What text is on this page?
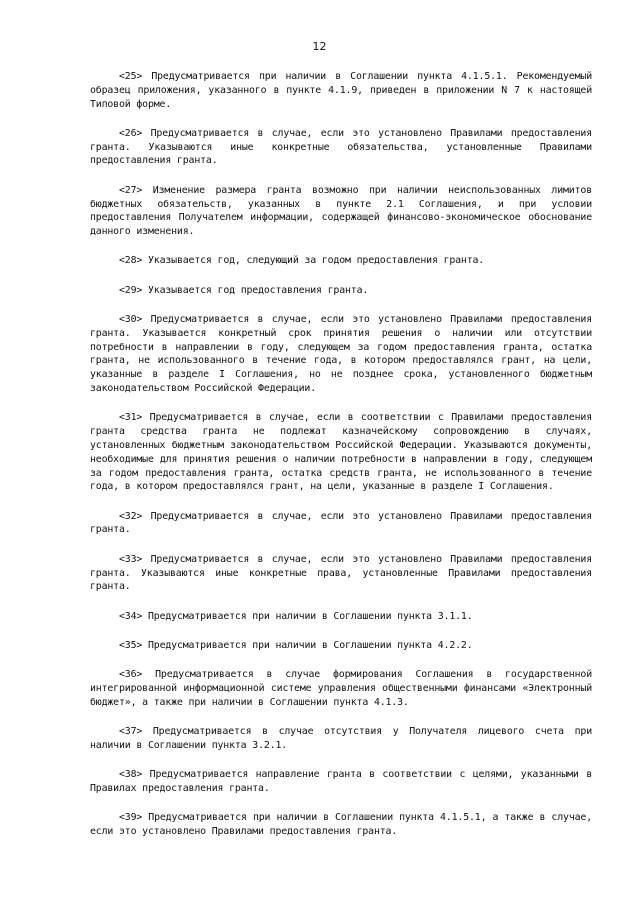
12

<25> Предусматривается при наличии в Соглашении пункта 4.1.5.1. Рекомендуемый образец приложения, указанного в пункте 4.1.9, приведен в приложении N 7 к настоящей Типовой форме.

<26> Предусматривается в случае, если это установлено Правилами предоставления гранта. Указываются иные конкретные обязательства, установленные Правилами предоставления гранта.

<27> Изменение размера гранта возможно при наличии неиспользованных лимитов бюджетных обязательств, указанных в пункте 2.1 Соглашения, и при условии предоставления Получателем информации, содержащей финансово-экономическое обоснование данного изменения.

<28> Указывается год, следующий за годом предоставления гранта.

<29> Указывается год предоставления гранта.

<30> Предусматривается в случае, если это установлено Правилами предоставления гранта. Указывается конкретный срок принятия решения о наличии или отсутствии потребности в направлении в году, следующем за годом предоставления гранта, остатка гранта, не использованного в течение года, в котором предоставлялся грант, на цели, указанные в разделе I Соглашения, но не позднее срока, установленного бюджетным законодательством Российской Федерации.

<31> Предусматривается в случае, если в соответствии с Правилами предоставления гранта средства гранта не подлежат казначейскому сопровождению в случаях, установленных бюджетным законодательством Российской Федерации. Указываются документы, необходимые для принятия решения о наличии потребности в направлении в году, следующем за годом предоставления гранта, остатка средств гранта, не использованного в течение года, в котором предоставлялся грант, на цели, указанные в разделе I Соглашения.

<32> Предусматривается в случае, если это установлено Правилами предоставления гранта.

<33> Предусматривается в случае, если это установлено Правилами предоставления гранта. Указываются иные конкретные права, установленные Правилами предоставления гранта.

<34> Предусматривается при наличии в Соглашении пункта 3.1.1.

<35> Предусматривается при наличии в Соглашении пункта 4.2.2.

<36> Предусматривается в случае формирования Соглашения в государственной интегрированной информационной системе управления общественными финансами «Электронный бюджет», а также при наличии в Соглашении пункта 4.1.3.

<37> Предусматривается в случае отсутствия у Получателя лицевого счета при наличии в Соглашении пункта 3.2.1.

<38> Предусматривается направление гранта в соответствии с целями, указанными в Правилах предоставления гранта.

<39> Предусматривается при наличии в Соглашении пункта 4.1.5.1, а также в случае, если это установлено Правилами предоставления гранта.
